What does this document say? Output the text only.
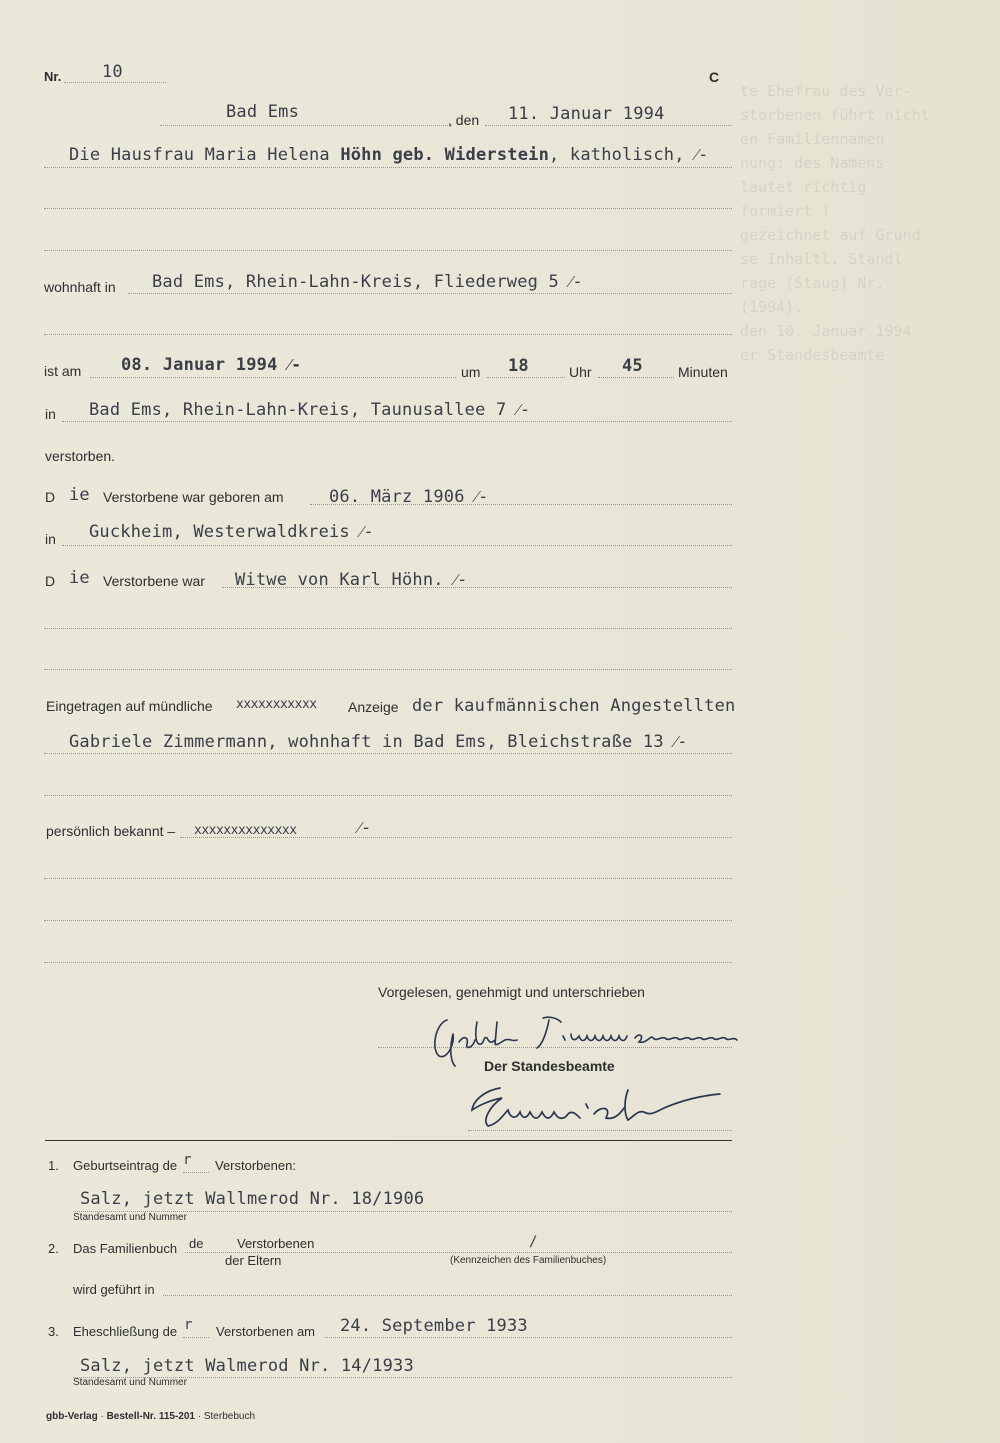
te Ehefrau des Ver-
storbenen führt nicht
en Familiennamen
nung: des Namens
lautet richtig
formiert !
gezeichnet auf Grund
se Inhaltl. Standl
rage (Staug) Nr.
(1994).
den 10. Januar 1994
er Standesbeamte
Nr. 10	C
Bad Ems	, den 11. Januar 1994
Die Hausfrau Maria Helena Höhn geb. Widerstein, katholisch, ⁄-
wohnhaft in Bad Ems, Rhein-Lahn-Kreis, Fliederweg 5 ⁄-
ist am 08. Januar 1994 ⁄-	um 18	Uhr 45	Minuten
in Bad Ems, Rhein-Lahn-Kreis, Taunusallee 7 ⁄-
verstorben.
D ie Verstorbene war geboren am	06. März 1906 ⁄-
in Guckheim, Westerwaldkreis ⁄-
D ie Verstorbene war Witwe von Karl Höhn. ⁄-
Eingetragen auf mündliche xxxxxxxxxxx Anzeige der kaufmännischen Angestellten
Gabriele Zimmermann, wohnhaft in Bad Ems, Bleichstraße 13 ⁄-
persönlich bekannt – xxxxxxxxxxxxxx	⁄-
Vorgelesen, genehmigt und unterschrieben
Gabriele Zimmermann
Der Standesbeamte
1. Geburtseintrag de r Verstorbenen:
Salz, jetzt Wallmerod Nr. 18/1906
Standesamt und Nummer
2. Das Familienbuch de	Verstorbenen
der Eltern
/
(Kennzeichen des Familienbuches)
wird geführt in
3. Eheschließung de r Verstorbenen am 24. September 1933
Salz, jetzt Walmerod Nr. 14/1933
Standesamt und Nummer
gbb-Verlag · Bestell-Nr. 115-201 · Sterbebuch
